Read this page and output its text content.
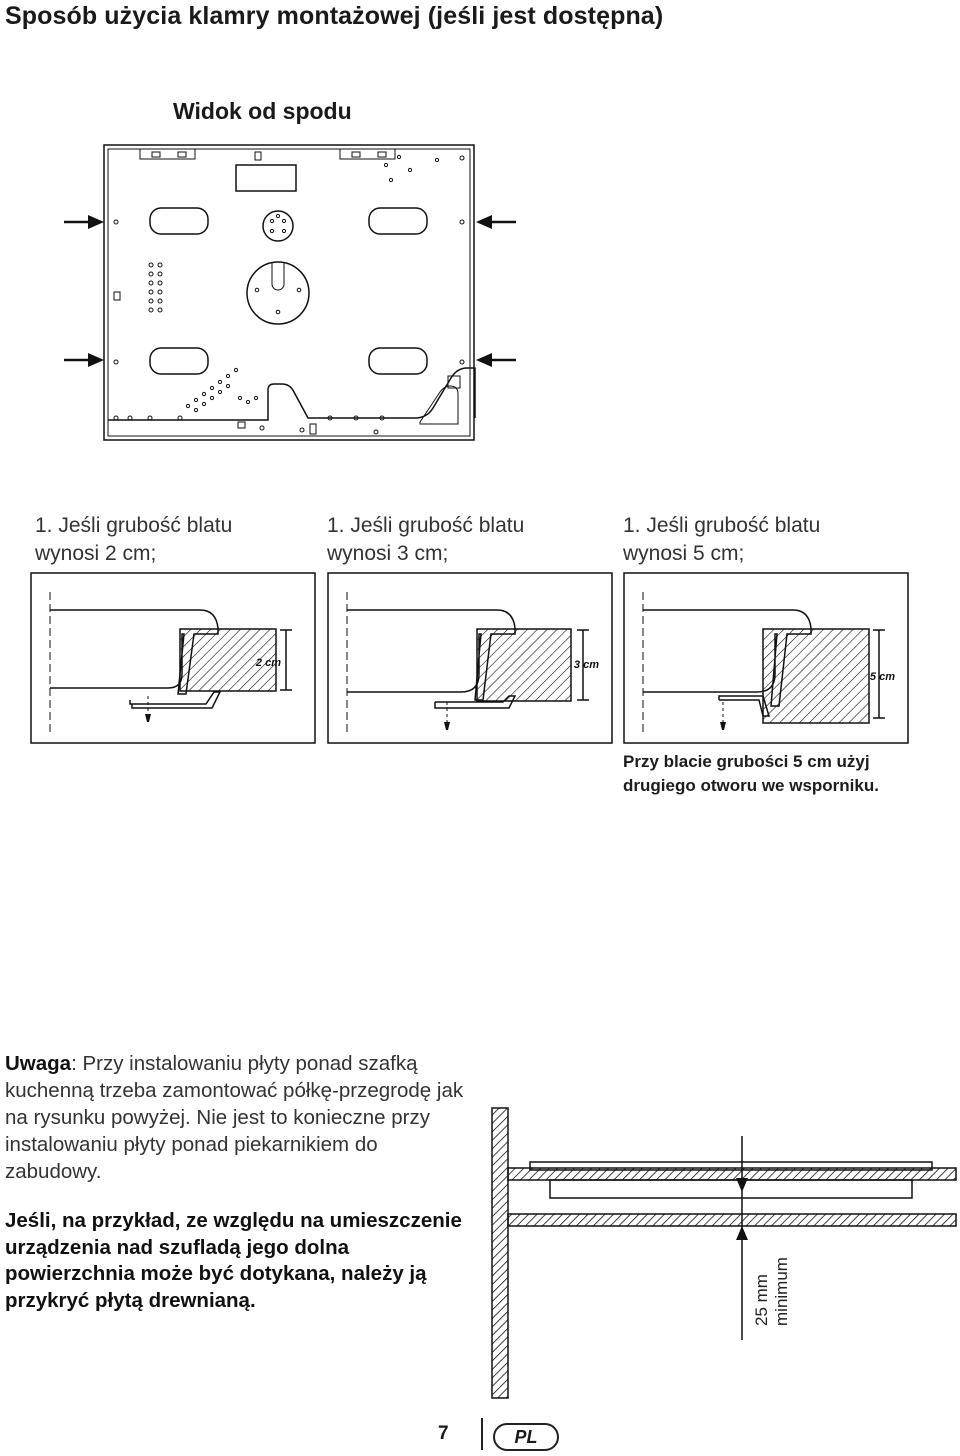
Sposób użycia klamry montażowej (jeśli jest dostępna)
Widok od spodu
1. Jeśli grubość blatu
wynosi 2 cm;
1. Jeśli grubość blatu
wynosi 3 cm;
1. Jeśli grubość blatu
wynosi 5 cm;
2 cm	3 cm
5 cm
Przy blacie grubości 5 cm użyj
drugiego otworu we wsporniku.
Uwaga: Przy instalowaniu płyty ponad szafką kuchenną trzeba zamontować półkę-przegrodę jak na rysunku powyżej. Nie jest to konieczne przy instalowaniu płyty ponad piekarnikiem do zabudowy.
Jeśli, na przykład, ze względu na umieszczenie urządzenia nad szufladą jego dolna powierzchnia może być dotykana, należy ją przykryć płytą drewnianą.	25 mm minimum
7	PL
